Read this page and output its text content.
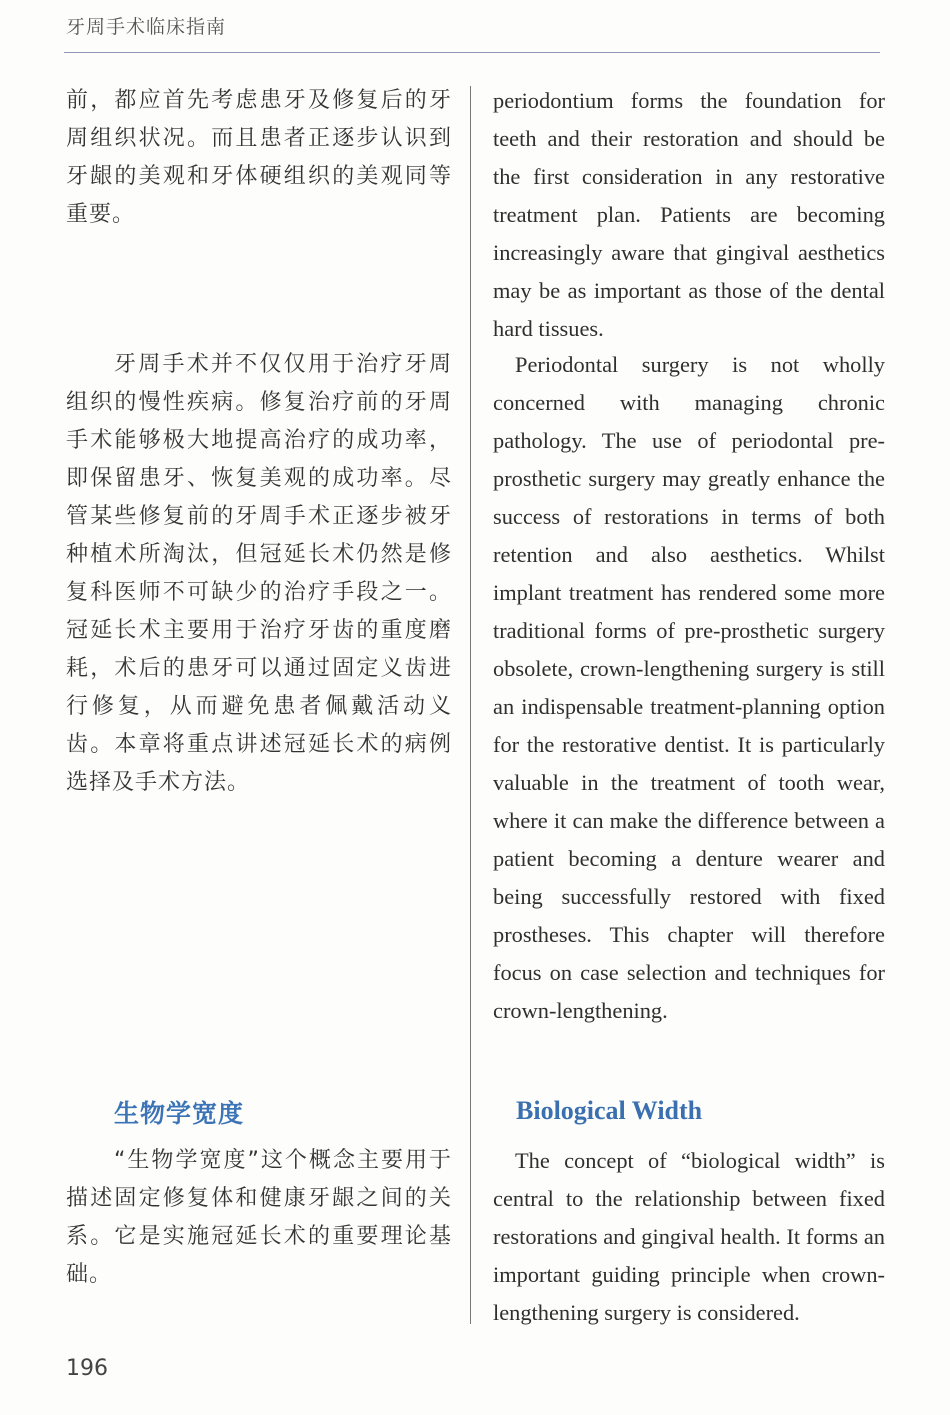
牙周手术临床指南
前，都应首先考虑患牙及修复后的牙周组织状况。而且患者正逐步认识到牙龈的美观和牙体硬组织的美观同等重要。
牙周手术并不仅仅用于治疗牙周组织的慢性疾病。修复治疗前的牙周手术能够极大地提高治疗的成功率，即保留患牙、恢复美观的成功率。尽管某些修复前的牙周手术正逐步被牙种植术所淘汰，但冠延长术仍然是修复科医师不可缺少的治疗手段之一。冠延长术主要用于治疗牙齿的重度磨耗，术后的患牙可以通过固定义齿进行修复，从而避免患者佩戴活动义齿。本章将重点讲述冠延长术的病例选择及手术方法。
生物学宽度
“生物学宽度”这个概念主要用于描述固定修复体和健康牙龈之间的关系。它是实施冠延长术的重要理论基础。
periodontium forms the foundation for teeth and their restoration and should be the first consideration in any restorative treatment plan. Patients are becoming increasingly aware that gingival aesthetics may be as important as those of the dental hard tissues.
Periodontal surgery is not wholly concerned with managing chronic pathology. The use of periodontal pre-prosthetic surgery may greatly enhance the success of restorations in terms of both retention and also aesthetics. Whilst implant treatment has rendered some more traditional forms of pre-prosthetic surgery obsolete, crown-lengthening surgery is still an indispensable treatment-planning option for the restorative dentist. It is particularly valuable in the treatment of tooth wear, where it can make the difference between a patient becoming a denture wearer and being successfully restored with fixed prostheses. This chapter will therefore focus on case selection and techniques for crown-lengthening.
Biological Width
The concept of “biological width” is central to the relationship between fixed restorations and gingival health. It forms an important guiding principle when crown-lengthening surgery is considered.
196
